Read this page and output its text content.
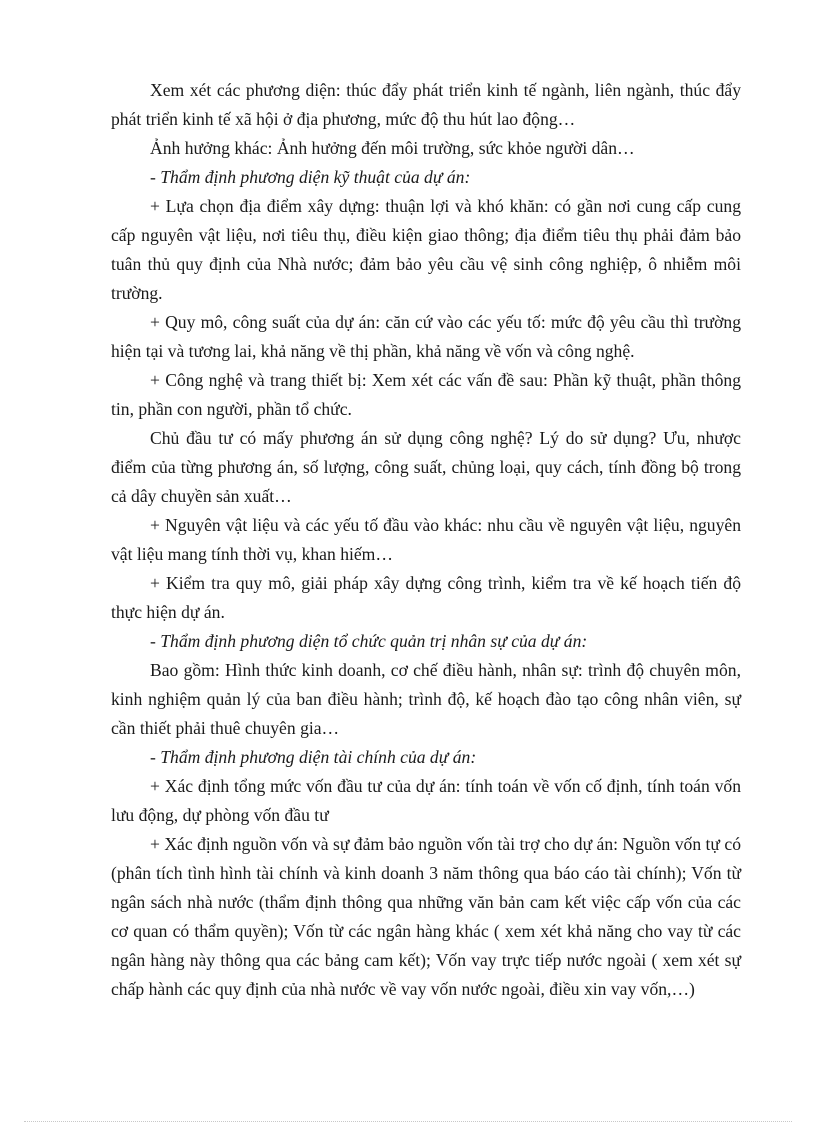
Xem xét các phương diện: thúc đẩy phát triển kinh tế ngành, liên ngành, thúc đẩy phát triển kinh tế xã hội ở địa phương, mức độ thu hút lao động…

Ảnh hưởng khác: Ảnh hưởng đến môi trường, sức khỏe người dân…

- Thẩm định phương diện kỹ thuật của dự án:

+ Lựa chọn địa điểm xây dựng: thuận lợi và khó khăn: có gần nơi cung cấp cung cấp nguyên vật liệu, nơi tiêu thụ, điều kiện giao thông; địa điểm tiêu thụ phải đảm bảo tuân thủ quy định của Nhà nước; đảm bảo yêu cầu vệ sinh công nghiệp, ô nhiễm môi trường.

+ Quy mô, công suất của dự án: căn cứ vào các yếu tố: mức độ yêu cầu thì trường hiện tại và tương lai, khả năng về thị phần, khả năng về vốn và công nghệ.

+ Công nghệ và trang thiết bị: Xem xét các vấn đề sau: Phần kỹ thuật, phần thông tin, phần con người, phần tổ chức.

Chủ đầu tư có mấy phương án sử dụng công nghệ? Lý do sử dụng? Ưu, nhược điểm của từng phương án, số lượng, công suất, chủng loại, quy cách, tính đồng bộ trong cả dây chuyền sản xuất…

+ Nguyên vật liệu và các yếu tố đầu vào khác: nhu cầu về nguyên vật liệu, nguyên vật liệu mang tính thời vụ, khan hiếm…

+ Kiểm tra quy mô, giải pháp xây dựng công trình, kiểm tra về kế hoạch tiến độ thực hiện dự án.

- Thẩm định phương diện tổ chức quản trị nhân sự của dự án:

Bao gồm: Hình thức kinh doanh, cơ chế điều hành, nhân sự: trình độ chuyên môn, kinh nghiệm quản lý của ban điều hành; trình độ, kế hoạch đào tạo công nhân viên, sự cần thiết phải thuê chuyên gia…

- Thẩm định phương diện tài chính của dự án:

+ Xác định tổng mức vốn đầu tư của dự án: tính toán về vốn cố định, tính toán vốn lưu động, dự phòng vốn đầu tư

+ Xác định nguồn vốn và sự đảm bảo nguồn vốn tài trợ cho dự án: Nguồn vốn tự có (phân tích tình hình tài chính và kinh doanh 3 năm thông qua báo cáo tài chính); Vốn từ ngân sách nhà nước (thẩm định thông qua những văn bản cam kết việc cấp vốn của các cơ quan có thẩm quyền); Vốn từ các ngân hàng khác ( xem xét khả năng cho vay từ các ngân hàng này thông qua các bảng cam kết); Vốn vay trực tiếp nước ngoài ( xem xét sự chấp hành các quy định của nhà nước về vay vốn nước ngoài, điều xin vay vốn,…)
